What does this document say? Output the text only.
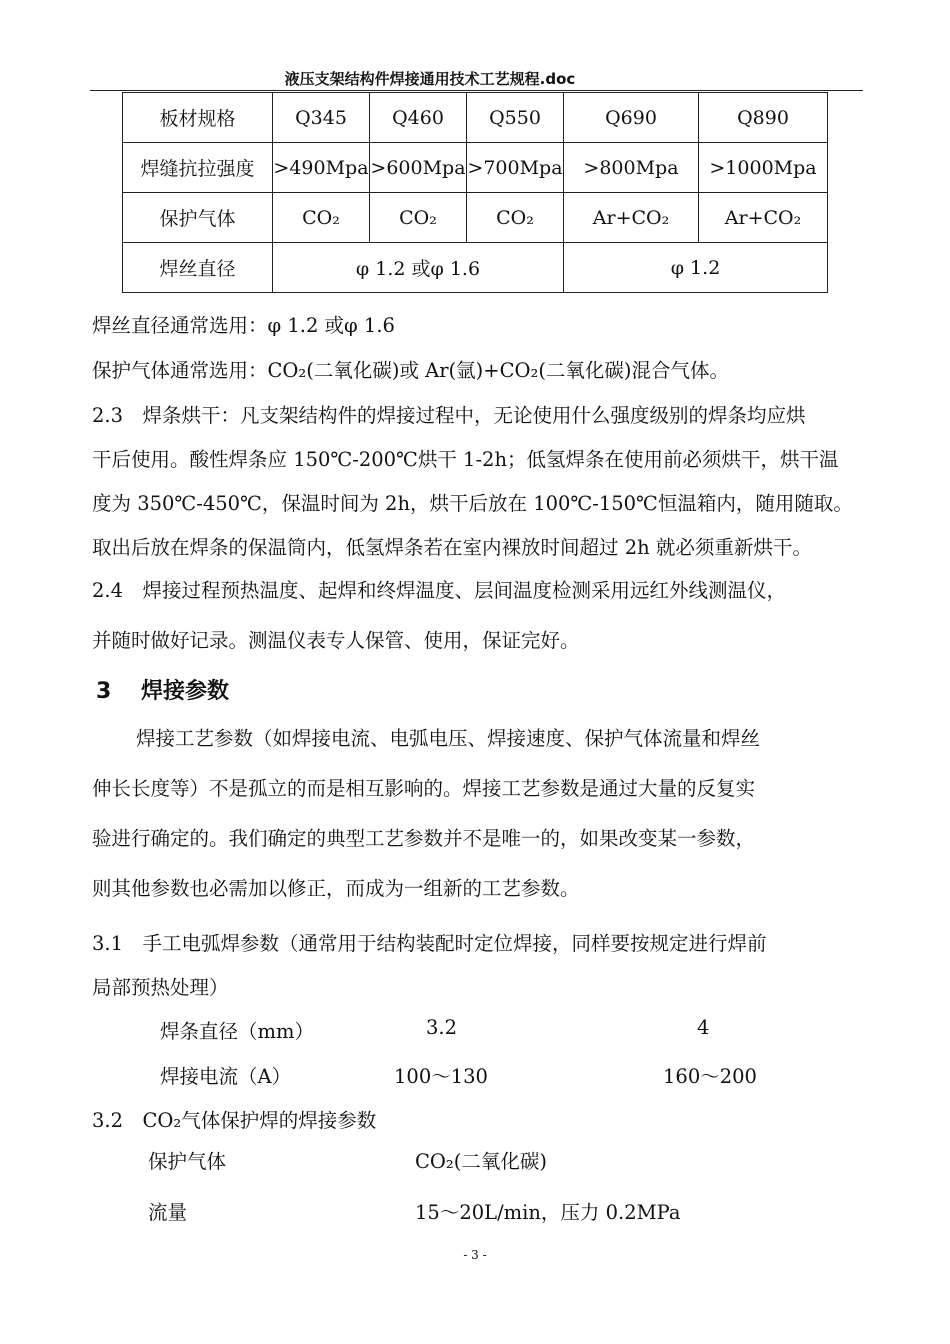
液压支架结构件焊接通用技术工艺规程.doc
板材规格	Q345	Q460	Q550	Q690	Q890
焊缝抗拉强度	>490Mpa	>600Mpa	>700Mpa	>800Mpa	>1000Mpa
保护气体	CO₂	CO₂	CO₂	Ar+CO₂	Ar+CO₂
焊丝直径	φ 1.2 或φ 1.6			φ 1.2	
焊丝直径通常选用：φ 1.2 或φ 1.6
保护气体通常选用：CO₂(二氧化碳)或 Ar(氩)+CO₂(二氧化碳)混合气体。
2.3　焊条烘干：凡支架结构件的焊接过程中，无论使用什么强度级别的焊条均应烘
干后使用。酸性焊条应 150℃-200℃烘干 1-2h；低氢焊条在使用前必须烘干，烘干温
度为 350℃-450℃，保温时间为 2h，烘干后放在 100℃-150℃恒温箱内，随用随取。
取出后放在焊条的保温筒内，低氢焊条若在室内裸放时间超过 2h 就必须重新烘干。
2.4　焊接过程预热温度、起焊和终焊温度、层间温度检测采用远红外线测温仪，
并随时做好记录。测温仪表专人保管、使用，保证完好。
3　 焊接参数
焊接工艺参数（如焊接电流、电弧电压、焊接速度、保护气体流量和焊丝
伸长长度等）不是孤立的而是相互影响的。焊接工艺参数是通过大量的反复实
验进行确定的。我们确定的典型工艺参数并不是唯一的，如果改变某一参数，
则其他参数也必需加以修正，而成为一组新的工艺参数。
3.1　手工电弧焊参数（通常用于结构装配时定位焊接，同样要按规定进行焊前
局部预热处理）
焊条直径（mm）	3.2	4
焊接电流（A）	100～130	160～200
3.2　CO₂气体保护焊的焊接参数
保护气体	CO₂(二氧化碳)
流量	15～20L/min，压力 0.2MPa
- 3 -
